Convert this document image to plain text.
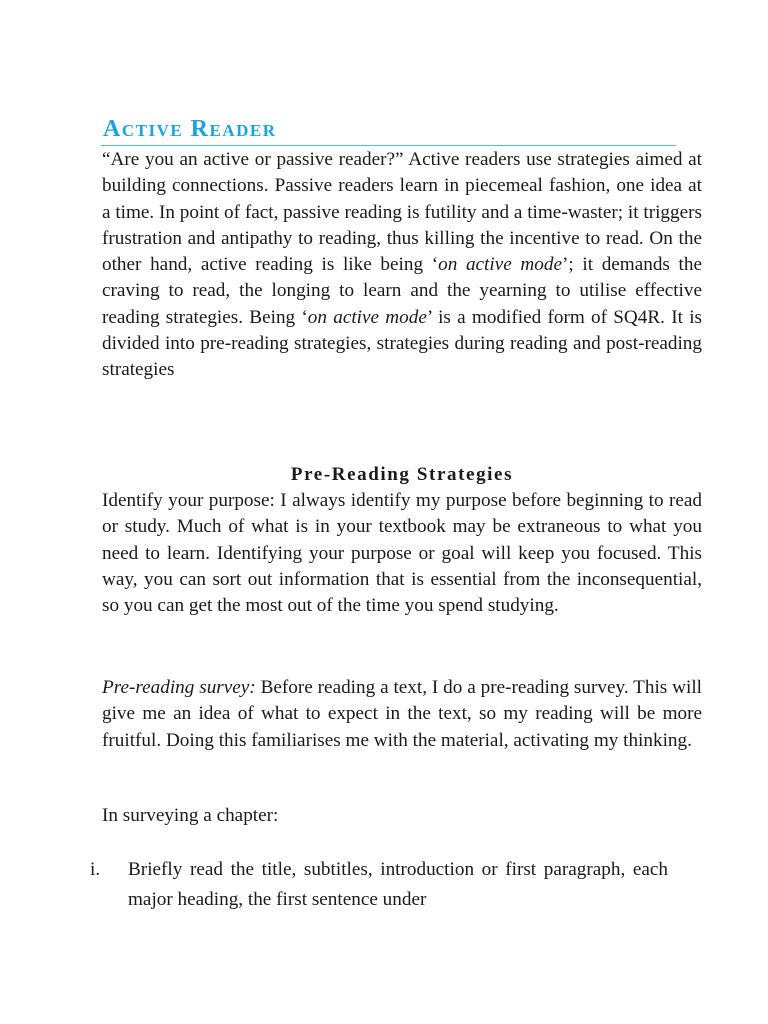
Active Reader

“Are you an active or passive reader?” Active readers use strategies aimed at building connections. Passive readers learn in piecemeal fashion, one idea at a time. In point of fact, passive reading is futility and a time-waster; it triggers frustration and antipathy to reading, thus killing the incentive to read. On the other hand, active reading is like being ‘on active mode’; it demands the craving to read, the longing to learn and the yearning to utilise effective reading strategies. Being ‘on active mode’ is a modified form of SQ4R. It is divided into pre-reading strategies, strategies during reading and post-reading strategies

Pre-Reading Strategies

Identify your purpose: I always identify my purpose before beginning to read or study. Much of what is in your textbook may be extraneous to what you need to learn. Identifying your purpose or goal will keep you focused. This way, you can sort out information that is essential from the inconsequential, so you can get the most out of the time you spend studying.

Pre-reading survey: Before reading a text, I do a pre-reading survey. This will give me an idea of what to expect in the text, so my reading will be more fruitful. Doing this familiarises me with the material, activating my thinking.

In surveying a chapter:

i. Briefly read the title, subtitles, introduction or first paragraph, each major heading, the first sentence under
